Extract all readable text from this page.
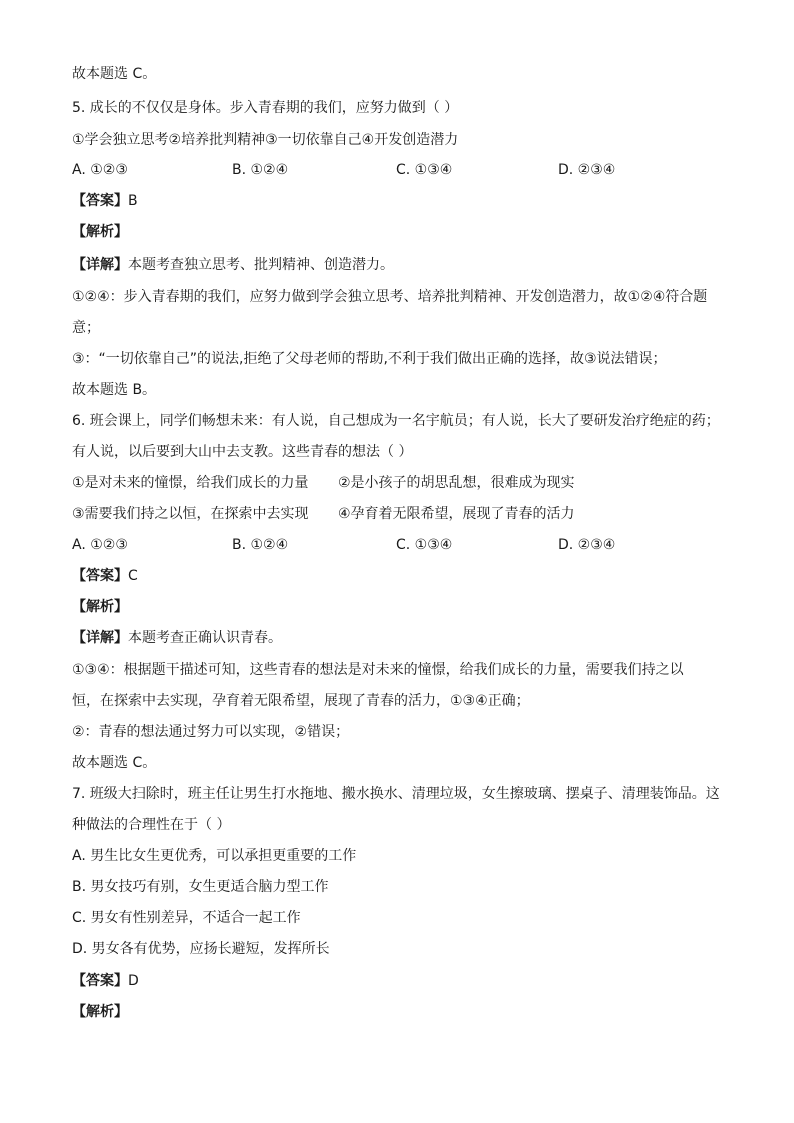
故本题选 C。
5. 成长的不仅仅是身体。步入青春期的我们，应努力做到（ ）
①学会独立思考②培养批判精神③一切依靠自己④开发创造潜力
A. ①②③	B. ①②④	C. ①③④	D. ②③④
【答案】B
【解析】
【详解】本题考查独立思考、批判精神、创造潜力。
①②④：步入青春期的我们，应努力做到学会独立思考、培养批判精神、开发创造潜力，故①②④符合题
意；
③：“一切依靠自己”的说法,拒绝了父母老师的帮助,不利于我们做出正确的选择，故③说法错误；
故本题选 B。
6. 班会课上，同学们畅想未来：有人说，自己想成为一名宇航员；有人说，长大了要研发治疗绝症的药；
有人说，以后要到大山中去支教。这些青春的想法（ ）
①是对未来的憧憬，给我们成长的力量 ②是小孩子的胡思乱想，很难成为现实
③需要我们持之以恒，在探索中去实现 ④孕育着无限希望，展现了青春的活力
A. ①②③	B. ①②④	C. ①③④	D. ②③④
【答案】C
【解析】
【详解】本题考查正确认识青春。
①③④：根据题干描述可知，这些青春的想法是对未来的憧憬，给我们成长的力量，需要我们持之以
恒，在探索中去实现，孕育着无限希望，展现了青春的活力，①③④正确；
②：青春的想法通过努力可以实现，②错误；
故本题选 C。
7. 班级大扫除时，班主任让男生打水拖地、搬水换水、清理垃圾，女生擦玻璃、摆桌子、清理装饰品。这
种做法的合理性在于（ ）
A. 男生比女生更优秀，可以承担更重要的工作
B. 男女技巧有别，女生更适合脑力型工作
C. 男女有性别差异，不适合一起工作
D. 男女各有优势，应扬长避短，发挥所长
【答案】D
【解析】
